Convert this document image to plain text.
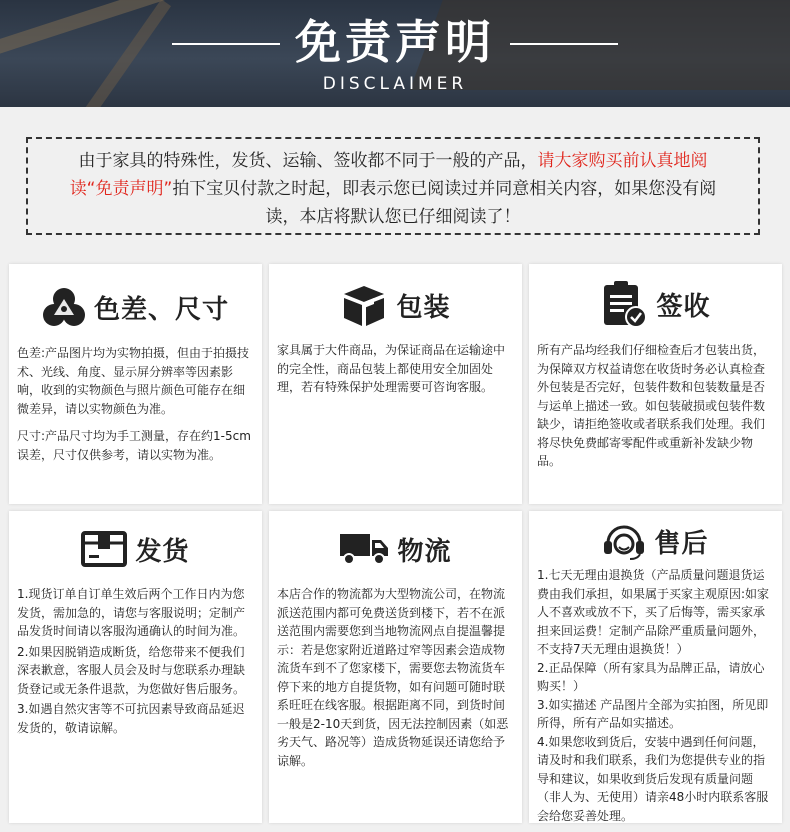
免责声明
DISCLAIMER
由于家具的特殊性，发货、运输、签收都不同于一般的产品，请大家购买前认真地阅读“免责声明”拍下宝贝付款之时起，即表示您已阅读过并同意相关内容，如果您没有阅读，本店将默认您已仔细阅读了！
色差、尺寸

色差:产品图片均为实物拍摄，但由于拍摄技术、光线、角度、显示屏分辨率等因素影响，收到的实物颜色与照片颜色可能存在细微差异，请以实物颜色为准。

尺寸:产品尺寸均为手工测量，存在约1-5cm误差，尺寸仅供参考，请以实物为准。

包装

家具属于大件商品，为保证商品在运输途中的完全性，商品包装上都使用安全加固处理，若有特殊保护处理需要可咨询客服。

签收

所有产品均经我们仔细检查后才包装出货，为保障双方权益请您在收货时务必认真检查外包装是否完好，包装件数和包装数量是否与运单上描述一致。如包装破损或包装件数缺少，请拒绝签收或者联系我们处理。我们将尽快免费邮寄零配件或重新补发缺少物品。

发货

1.现货订单自订单生效后两个工作日内为您发货，需加急的，请您与客服说明；定制产品发货时间请以客服沟通确认的时间为准。

2.如果因脱销造成断货，给您带来不便我们深表歉意，客服人员会及时与您联系办理缺货登记或无条件退款，为您做好售后服务。

3.如遇自然灾害等不可抗因素导致商品延迟发货的，敬请谅解。

物流

本店合作的物流都为大型物流公司，在物流派送范围内都可免费送货到楼下，若不在派送范围内需要您到当地物流网点自提温馨提示：若是您家附近道路过窄等因素会造成物流货车到不了您家楼下，需要您去物流货车停下来的地方自提货物，如有问题可随时联系旺旺在线客服。根据距离不同，到货时间一般是2-10天到货，因无法控制因素（如恶劣天气、路况等）造成货物延误还请您给予谅解。

售后

1.七天无理由退换货（产品质量问题退货运费由我们承担，如果属于买家主观原因:如家人不喜欢或放不下，买了后悔等，需买家承担来回运费！定制产品除严重质量问题外，不支持7天无理由退换货！）

2.正品保障（所有家具为品牌正品，请放心购买！）

3.如实描述 产品图片全部为实拍图，所见即所得，所有产品如实描述。

4.如果您收到货后，安装中遇到任何问题，请及时和我们联系，我们为您提供专业的指导和建议，如果收到货后发现有质量问题（非人为、无使用）请亲48小时内联系客服会给您妥善处理。
